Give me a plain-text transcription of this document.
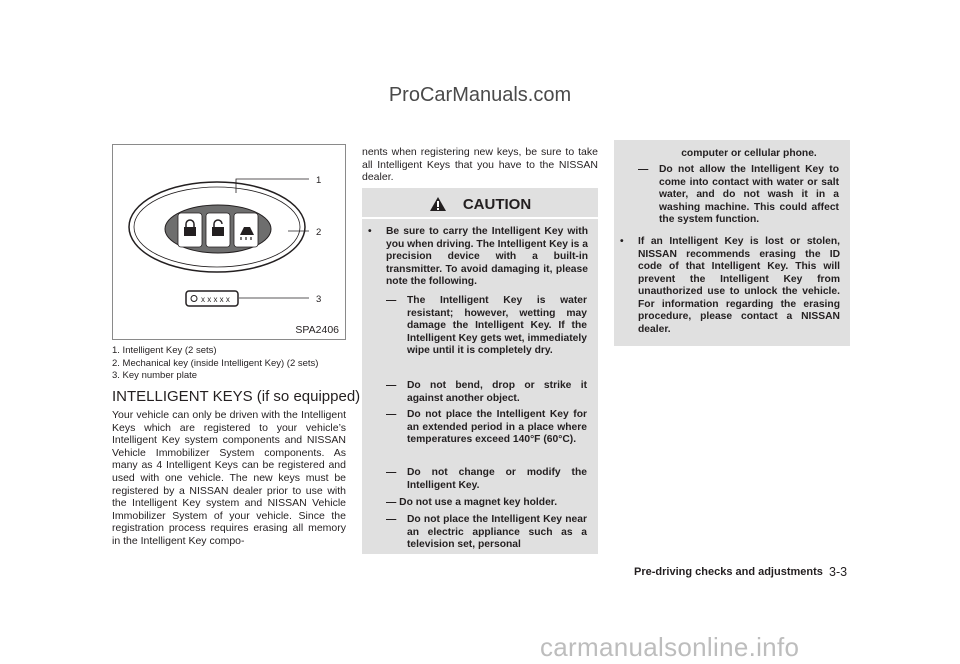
ProCarManuals.com
x x x x x
1
2
3
SPA2406
1. Intelligent Key (2 sets)
2. Mechanical key (inside Intelligent Key) (2 sets)
3. Key number plate
INTELLIGENT KEYS (if so equipped)
Your vehicle can only be driven with the Intelligent Keys which are registered to your vehicle’s Intelligent Key system components and NISSAN Vehicle Immobilizer System components. As many as 4 Intelligent Keys can be registered and used with one vehicle. The new keys must be registered by a NISSAN dealer prior to use with the Intelligent Key system and NISSAN Vehicle Immobilizer System of your vehicle. Since the registration process requires erasing all memory in the Intelligent Key compo-
nents when registering new keys, be sure to take all Intelligent Keys that you have to the NISSAN dealer.
CAUTION
• Be sure to carry the Intelligent Key with you when driving. The Intelligent Key is a precision device with a built-in transmitter. To avoid damaging it, please note the following.
— The Intelligent Key is water resistant; however, wetting may damage the Intelligent Key. If the Intelligent Key gets wet, immediately wipe until it is completely dry.
— Do not bend, drop or strike it against another object.
— Do not place the Intelligent Key for an extended period in a place where temperatures exceed 140°F (60°C).
— Do not change or modify the Intelligent Key.
— Do not use a magnet key holder.
— Do not place the Intelligent Key near an electric appliance such as a television set, personal
computer or cellular phone.
— Do not allow the Intelligent Key to come into contact with water or salt water, and do not wash it in a washing machine. This could affect the system function.
• If an Intelligent Key is lost or stolen, NISSAN recommends erasing the ID code of that Intelligent Key. This will prevent the Intelligent Key from unauthorized use to unlock the vehicle. For information regarding the erasing procedure, please contact a NISSAN dealer.
Pre-driving checks and adjustments 3-3
carmanualsonline.info
